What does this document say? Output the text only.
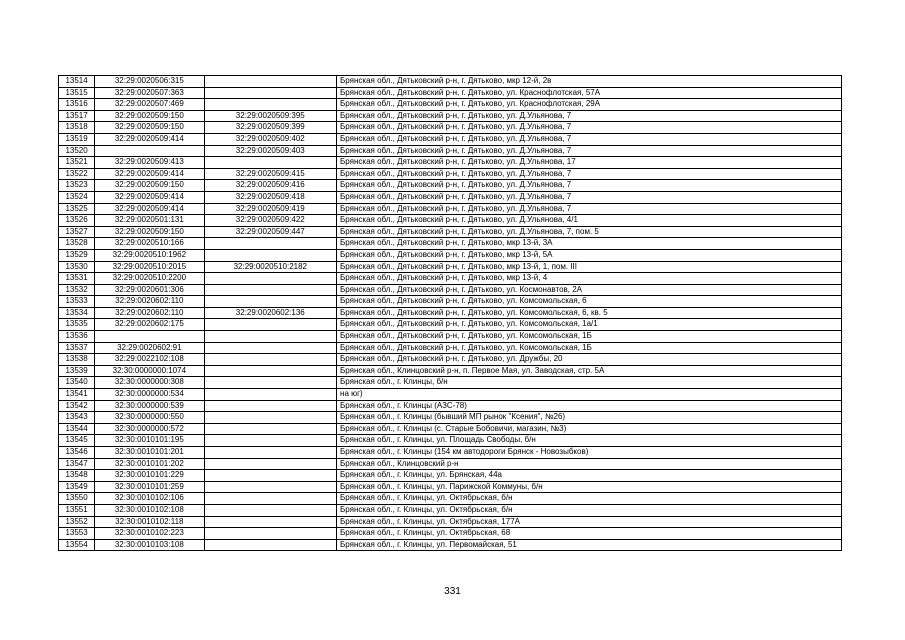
13514	32:29:0020506:315		Брянская обл., Дятьковский р-н, г. Дятьково, мкр 12-й, 2в
13515	32:29:0020507:363		Брянская обл., Дятьковский р-н, г. Дятьково, ул. Краснофлотская, 57А
13516	32:29:0020507:469		Брянская обл., Дятьковский р-н, г. Дятьково, ул. Краснофлотская, 29А
13517	32:29:0020509:150	32:29:0020509:395	Брянская обл., Дятьковский р-н, г. Дятьково, ул. Д.Ульянова, 7
13518	32:29:0020509:150	32:29:0020509:399	Брянская обл., Дятьковский р-н, г. Дятьково, ул. Д.Ульянова, 7
13519	32:29:0020509:414	32:29:0020509:402	Брянская обл., Дятьковский р-н, г. Дятьково, ул. Д.Ульянова, 7
13520		32:29:0020509:403	Брянская обл., Дятьковский р-н, г. Дятьково, ул. Д.Ульянова, 7
13521	32:29:0020509:413		Брянская обл., Дятьковский р-н, г. Дятьково, ул. Д.Ульянова, 17
13522	32:29:0020509:414	32:29:0020509:415	Брянская обл., Дятьковский р-н, г. Дятьково, ул. Д.Ульянова, 7
13523	32:29:0020509:150	32:29:0020509:416	Брянская обл., Дятьковский р-н, г. Дятьково, ул. Д.Ульянова, 7
13524	32:29:0020509:414	32:29:0020509:418	Брянская обл., Дятьковский р-н, г. Дятьково, ул. Д.Ульянова, 7
13525	32:29:0020509:414	32:29:0020509:419	Брянская обл., Дятьковский р-н, г. Дятьково, ул. Д.Ульянова, 7
13526	32:29:0020501:131	32:29:0020509:422	Брянская обл., Дятьковский р-н, г. Дятьково, ул. Д.Ульянова, 4/1
13527	32:29:0020509:150	32:29:0020509:447	Брянская обл., Дятьковский р-н, г. Дятьково, ул. Д.Ульянова, 7, пом. 5
13528	32:29:0020510:166		Брянская обл., Дятьковский р-н, г. Дятьково, мкр 13-й, 3А
13529	32:29:0020510:1962		Брянская обл., Дятьковский р-н, г. Дятьково, мкр 13-й, 5А
13530	32:29:0020510:2015	32:29:0020510:2182	Брянская обл., Дятьковский р-н, г. Дятьково, мкр 13-й, 1, пом. III
13531	32:29:0020510:2200		Брянская обл., Дятьковский р-н, г. Дятьково, мкр 13-й, 4
13532	32:29:0020601:306		Брянская обл., Дятьковский р-н, г. Дятьково, ул. Космонавтов, 2А
13533	32:29:0020602:110		Брянская обл., Дятьковский р-н, г. Дятьково, ул. Комсомольская, 6
13534	32:29:0020602:110	32:29:0020602:136	Брянская обл., Дятьковский р-н, г. Дятьково, ул. Комсомольская, 6, кв. 5
13535	32:29:0020602:175		Брянская обл., Дятьковский р-н, г. Дятьково, ул. Комсомольская, 1а/1
13536			Брянская обл., Дятьковский р-н, г. Дятьково, ул. Комсомольская, 1Б
13537	32:29:0020602:91		Брянская обл., Дятьковский р-н, г. Дятьково, ул. Комсомольская, 1Б
13538	32:29:0022102:108		Брянская обл., Дятьковский р-н, г. Дятьково, ул. Дружбы, 20
13539	32:30:0000000:1074		Брянская обл., Клинцовский р-н, п. Первое Мая, ул. Заводская, стр. 5А
13540	32:30:0000000:308		Брянская обл., г. Клинцы, б/н
13541	32:30:0000000:534		на юг)
13542	32:30:0000000:539		Брянская обл., г. Клинцы (АЗС-78)
13543	32:30:0000000:550		Брянская обл., г. Клинцы (бывший МП рынок "Ксения", №26)
13544	32:30:0000000:572		Брянская обл., г. Клинцы (с. Старые Бобовичи, магазин, №3)
13545	32:30:0010101:195		Брянская обл., г. Клинцы, ул. Площадь Свободы, б/н
13546	32:30:0010101:201		Брянская обл., г. Клинцы (154 км автодороги Брянск - Новозыбков)
13547	32:30:0010101:202		Брянская обл., Клинцовский р-н
13548	32:30:0010101:229		Брянская обл., г. Клинцы, ул. Брянская, 44а
13549	32:30:0010101:259		Брянская обл., г. Клинцы, ул. Парижской Коммуны, б/н
13550	32:30:0010102:106		Брянская обл., г. Клинцы, ул. Октябрьская, б/н
13551	32:30:0010102:108		Брянская обл., г. Клинцы, ул. Октябрьская, б/н
13552	32:30:0010102:118		Брянская обл., г. Клинцы, ул. Октябрьская, 177А
13553	32:30:0010102:223		Брянская обл., г. Клинцы, ул. Октябрьская, 68
13554	32:30:0010103:108		Брянская обл., г. Клинцы, ул. Первомайская, 51
331
